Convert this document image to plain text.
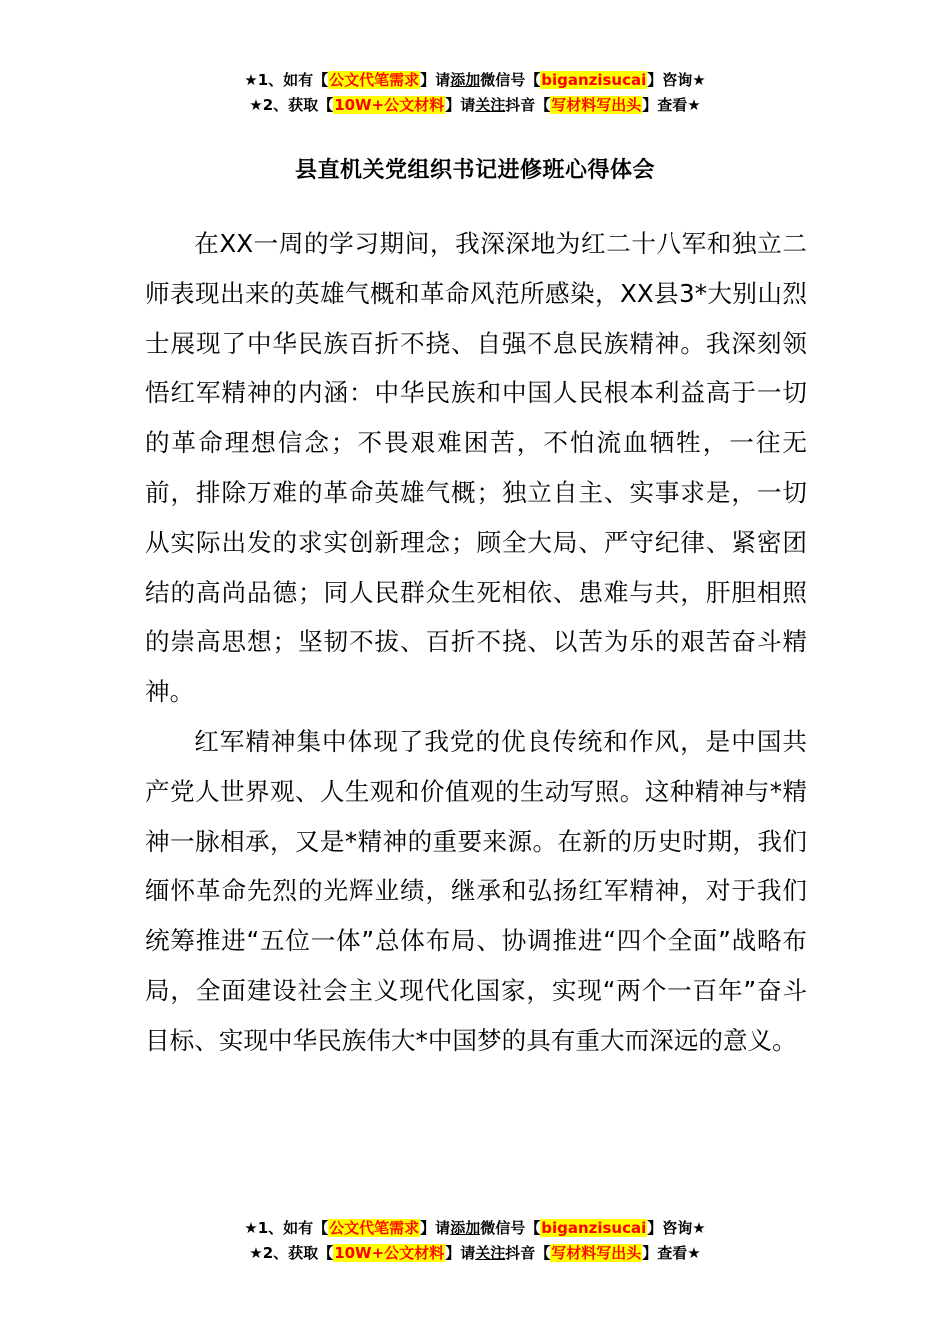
★1、如有【公文代笔需求】请添加微信号【biganzisucai】咨询★
★2、获取【10W+公文材料】请关注抖音【写材料写出头】查看★
县直机关党组织书记进修班心得体会

在XX一周的学习期间，我深深地为红二十八军和独立二师表现出来的英雄气概和革命风范所感染，XX县3*大别山烈士展现了中华民族百折不挠、自强不息民族精神。我深刻领悟红军精神的内涵：中华民族和中国人民根本利益高于一切的革命理想信念；不畏艰难困苦，不怕流血牺牲，一往无前，排除万难的革命英雄气概；独立自主、实事求是，一切从实际出发的求实创新理念；顾全大局、严守纪律、紧密团结的高尚品德；同人民群众生死相依、患难与共，肝胆相照的崇高思想；坚韧不拔、百折不挠、以苦为乐的艰苦奋斗精神。

红军精神集中体现了我党的优良传统和作风，是中国共产党人世界观、人生观和价值观的生动写照。这种精神与*精神一脉相承，又是*精神的重要来源。在新的历史时期，我们缅怀革命先烈的光辉业绩，继承和弘扬红军精神，对于我们统筹推进“五位一体”总体布局、协调推进“四个全面”战略布局，全面建设社会主义现代化国家，实现“两个一百年”奋斗目标、实现中华民族伟大*中国梦的具有重大而深远的意义。

★1、如有【公文代笔需求】请添加微信号【biganzisucai】咨询★
★2、获取【10W+公文材料】请关注抖音【写材料写出头】查看★
